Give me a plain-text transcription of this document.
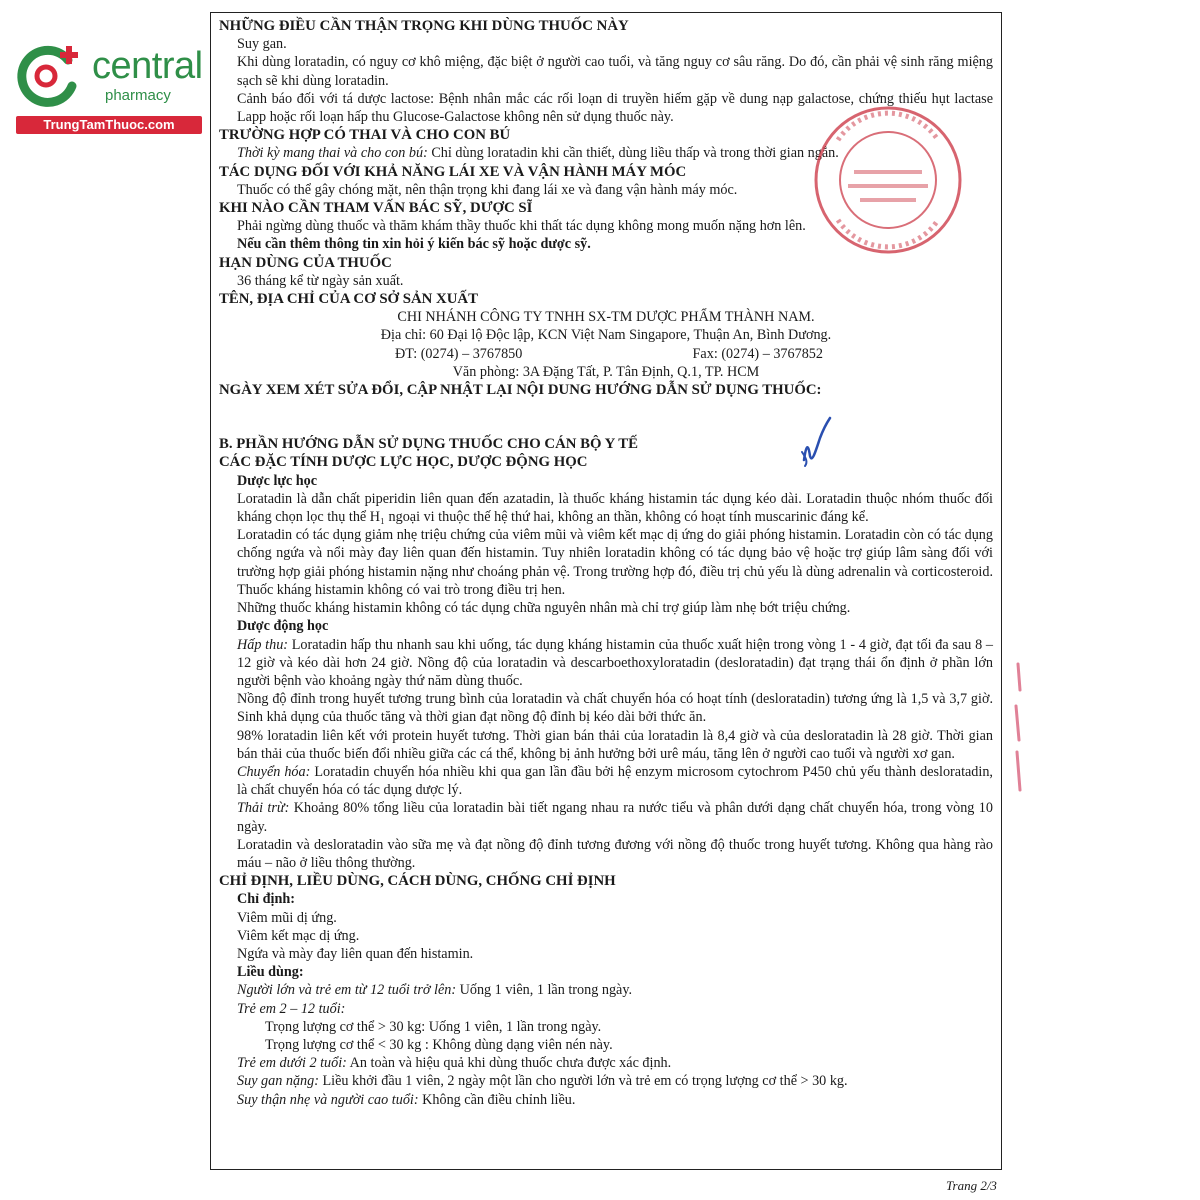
central
pharmacy
TrungTamThuoc.com

NHỮNG ĐIỀU CẦN THẬN TRỌNG KHI DÙNG THUỐC NÀY

Suy gan.

Khi dùng loratadin, có nguy cơ khô miệng, đặc biệt ở người cao tuổi, và tăng nguy cơ sâu răng. Do đó, cần phải vệ sinh răng miệng sạch sẽ khi dùng loratadin.

Cảnh báo đối với tá dược lactose: Bệnh nhân mắc các rối loạn di truyền hiếm gặp về dung nạp galactose, chứng thiếu hụt lactase Lapp hoặc rối loạn hấp thu Glucose-Galactose không nên sử dụng thuốc này.

TRƯỜNG HỢP CÓ THAI VÀ CHO CON BÚ

Thời kỳ mang thai và cho con bú: Chỉ dùng loratadin khi cần thiết, dùng liều thấp và trong thời gian ngắn.

TÁC DỤNG ĐỐI VỚI KHẢ NĂNG LÁI XE VÀ VẬN HÀNH MÁY MÓC

Thuốc có thể gây chóng mặt, nên thận trọng khi đang lái xe và đang vận hành máy móc.

KHI NÀO CẦN THAM VẤN BÁC SỸ, DƯỢC SĨ

Phải ngừng dùng thuốc và thăm khám thầy thuốc khi thất tác dụng không mong muốn nặng hơn lên.

Nếu cần thêm thông tin xin hỏi ý kiến bác sỹ hoặc dược sỹ.

HẠN DÙNG CỦA THUỐC

36 tháng kể từ ngày sản xuất.

TÊN, ĐỊA CHỈ CỦA CƠ SỞ SẢN XUẤT

CHI NHÁNH CÔNG TY TNHH SX-TM DƯỢC PHẨM THÀNH NAM.

Địa chỉ: 60 Đại lộ Độc lập, KCN Việt Nam Singapore, Thuận An, Bình Dương.

ĐT: (0274) – 3767850	Fax: (0274) – 3767852

Văn phòng: 3A Đặng Tất, P. Tân Định, Q.1, TP. HCM

NGÀY XEM XÉT SỬA ĐỔI, CẬP NHẬT LẠI NỘI DUNG HƯỚNG DẪN SỬ DỤNG THUỐC:

B. PHẦN HƯỚNG DẪN SỬ DỤNG THUỐC CHO CÁN BỘ Y TẾ

CÁC ĐẶC TÍNH DƯỢC LỰC HỌC, DƯỢC ĐỘNG HỌC

Dược lực học

Loratadin là dẫn chất piperidin liên quan đến azatadin, là thuốc kháng histamin tác dụng kéo dài. Loratadin thuộc nhóm thuốc đối kháng chọn lọc thụ thể H₁ ngoại vi thuộc thế hệ thứ hai, không an thần, không có hoạt tính muscarinic đáng kể.

Loratadin có tác dụng giảm nhẹ triệu chứng của viêm mũi và viêm kết mạc dị ứng do giải phóng histamin. Loratadin còn có tác dụng chống ngứa và nổi mày đay liên quan đến histamin. Tuy nhiên loratadin không có tác dụng bảo vệ hoặc trợ giúp lâm sàng đối với trường hợp giải phóng histamin nặng như choáng phản vệ. Trong trường hợp đó, điều trị chủ yếu là dùng adrenalin và corticosteroid. Thuốc kháng histamin không có vai trò trong điều trị hen.

Những thuốc kháng histamin không có tác dụng chữa nguyên nhân mà chỉ trợ giúp làm nhẹ bớt triệu chứng.

Dược động học

Hấp thu: Loratadin hấp thu nhanh sau khi uống, tác dụng kháng histamin của thuốc xuất hiện trong vòng 1 - 4 giờ, đạt tối đa sau 8 – 12 giờ và kéo dài hơn 24 giờ. Nồng độ của loratadin và descarboethoxyloratadin (desloratadin) đạt trạng thái ổn định ở phần lớn người bệnh vào khoảng ngày thứ năm dùng thuốc.

Nồng độ đỉnh trong huyết tương trung bình của loratadin và chất chuyển hóa có hoạt tính (desloratadin) tương ứng là 1,5 và 3,7 giờ. Sinh khả dụng của thuốc tăng và thời gian đạt nồng độ đỉnh bị kéo dài bởi thức ăn.

98% loratadin liên kết với protein huyết tương. Thời gian bán thải của loratadin là 8,4 giờ và của desloratadin là 28 giờ. Thời gian bán thải của thuốc biến đổi nhiều giữa các cá thể, không bị ảnh hưởng bởi urê máu, tăng lên ở người cao tuổi và người xơ gan.

Chuyển hóa: Loratadin chuyển hóa nhiều khi qua gan lần đầu bởi hệ enzym microsom cytochrom P450 chủ yếu thành desloratadin, là chất chuyển hóa có tác dụng dược lý.

Thải trừ: Khoảng 80% tổng liều của loratadin bài tiết ngang nhau ra nước tiểu và phân dưới dạng chất chuyển hóa, trong vòng 10 ngày.

Loratadin và desloratadin vào sữa mẹ và đạt nồng độ đỉnh tương đương với nồng độ thuốc trong huyết tương. Không qua hàng rào máu – não ở liều thông thường.

CHỈ ĐỊNH, LIỀU DÙNG, CÁCH DÙNG, CHỐNG CHỈ ĐỊNH

Chỉ định:

Viêm mũi dị ứng.

Viêm kết mạc dị ứng.

Ngứa và mày đay liên quan đến histamin.

Liều dùng:

Người lớn và trẻ em từ 12 tuổi trở lên: Uống 1 viên, 1 lần trong ngày.

Trẻ em 2 – 12 tuổi:

Trọng lượng cơ thể > 30 kg: Uống 1 viên, 1 lần trong ngày.

Trọng lượng cơ thể < 30 kg : Không dùng dạng viên nén này.

Trẻ em dưới 2 tuổi: An toàn và hiệu quả khi dùng thuốc chưa được xác định.

Suy gan nặng: Liều khởi đầu 1 viên, 2 ngày một lần cho người lớn và trẻ em có trọng lượng cơ thể > 30 kg.

Suy thận nhẹ và người cao tuổi: Không cần điều chỉnh liều.

Trang 2/3
